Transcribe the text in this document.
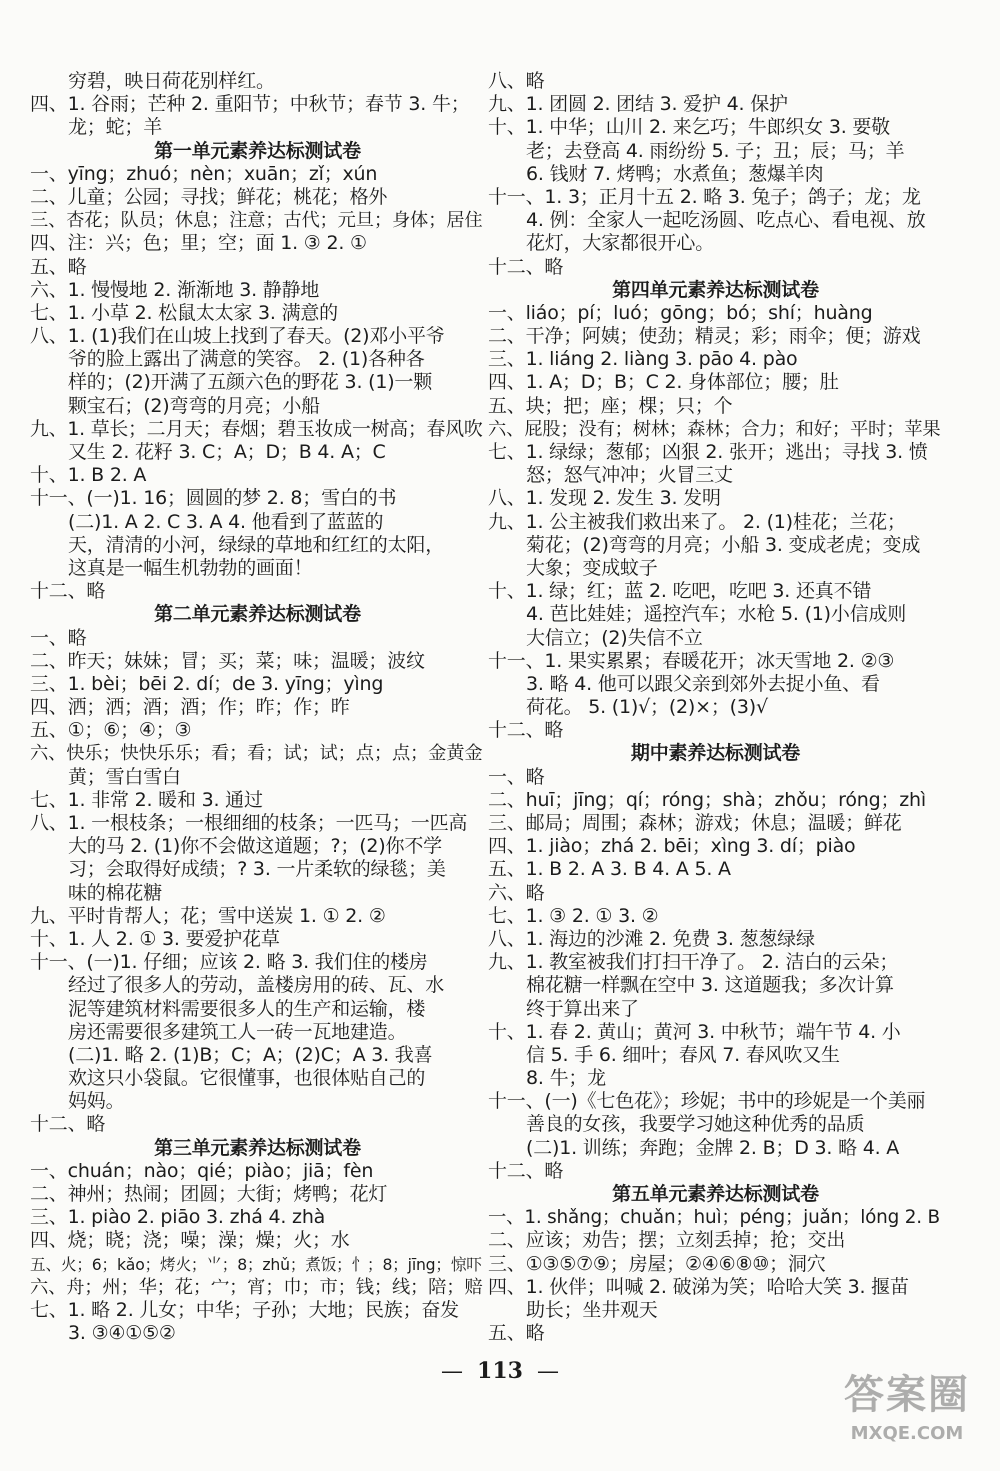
穷碧，映日荷花别样红。
四、1. 谷雨；芒种 2. 重阳节；中秋节；春节 3. 牛；
龙；蛇；羊
第一单元素养达标测试卷
一、yīng；zhuó；nèn；xuān；zǐ；xún
二、儿童；公园；寻找；鲜花；桃花；格外
三、杏花；队员；休息；注意；古代；元旦；身体；居住
四、注：兴；色；里；空；面 1. ③ 2. ①
五、略
六、1. 慢慢地 2. 渐渐地 3. 静静地
七、1. 小草 2. 松鼠太太家 3. 满意的
八、1. (1)我们在山坡上找到了春天。(2)邓小平爷
爷的脸上露出了满意的笑容。 2. (1)各种各
样的；(2)开满了五颜六色的野花 3. (1)一颗
颗宝石；(2)弯弯的月亮；小船
九、1. 草长；二月天；春烟；碧玉妆成一树高；春风吹
又生 2. 花籽 3. C；A；D；B 4. A；C
十、1. B 2. A
十一、(一)1. 16；圆圆的梦 2. 8；雪白的书
(二)1. A 2. C 3. A 4. 他看到了蓝蓝的
天，清清的小河，绿绿的草地和红红的太阳，
这真是一幅生机勃勃的画面！
十二、略
第二单元素养达标测试卷
一、略
二、昨天；妹妹；冒；买；菜；味；温暖；波纹
三、1. bèi；bēi 2. dí；de 3. yīng；yìng
四、洒；洒；酒；酒；作；昨；作；昨
五、①；⑥；④；③
六、快乐；快快乐乐；看；看；试；试；点；点；金黄金
黄；雪白雪白
七、1. 非常 2. 暖和 3. 通过
八、1. 一根枝条；一根细细的枝条；一匹马；一匹高
大的马 2. (1)你不会做这道题；?；(2)你不学
习；会取得好成绩；? 3. 一片柔软的绿毯；美
味的棉花糖
九、平时肯帮人；花；雪中送炭 1. ① 2. ②
十、1. 人 2. ① 3. 要爱护花草
十一、(一)1. 仔细；应该 2. 略 3. 我们住的楼房
经过了很多人的劳动，盖楼房用的砖、瓦、水
泥等建筑材料需要很多人的生产和运输，楼
房还需要很多建筑工人一砖一瓦地建造。
(二)1. 略 2. (1)B；C；A；(2)C；A 3. 我喜
欢这只小袋鼠。它很懂事，也很体贴自己的
妈妈。
十二、略
第三单元素养达标测试卷
一、chuán；nào；qié；piào；jiā；fèn
二、神州；热闹；团圆；大街；烤鸭；花灯
三、1. piào 2. piāo 3. zhá 4. zhà
四、烧；晓；浇；噪；澡；燥；火；水
五、火；6；kǎo；烤火；⺌；8；zhǔ；煮饭；忄；8；jīng；惊吓
六、舟；州；华；花；宀；宵；巾；市；钱；线；陪；赔
七、1. 略 2. 儿女；中华；子孙；大地；民族；奋发
3. ③④①⑤②
八、略
九、1. 团圆 2. 团结 3. 爱护 4. 保护
十、1. 中华；山川 2. 来乞巧；牛郎织女 3. 要敬
老；去登高 4. 雨纷纷 5. 子；丑；辰；马；羊
6. 钱财 7. 烤鸭；水煮鱼；葱爆羊肉
十一、1. 3；正月十五 2. 略 3. 兔子；鸽子；龙；龙
4. 例：全家人一起吃汤圆、吃点心、看电视、放
花灯，大家都很开心。
十二、略
第四单元素养达标测试卷
一、liáo；pí；luó；gōng；bó；shí；huàng
二、干净；阿姨；使劲；精灵；彩；雨伞；便；游戏
三、1. liáng 2. liàng 3. pāo 4. pào
四、1. A；D；B；C 2. 身体部位；腰；肚
五、块；把；座；棵；只；个
六、屁股；没有；树林；森林；合力；和好；平时；苹果
七、1. 绿绿；葱郁；凶狠 2. 张开；逃出；寻找 3. 愤
怒；怒气冲冲；火冒三丈
八、1. 发现 2. 发生 3. 发明
九、1. 公主被我们救出来了。 2. (1)桂花；兰花；
菊花；(2)弯弯的月亮；小船 3. 变成老虎；变成
大象；变成蚊子
十、1. 绿；红；蓝 2. 吃吧，吃吧 3. 还真不错
4. 芭比娃娃；遥控汽车；水枪 5. (1)小信成则
大信立；(2)失信不立
十一、1. 果实累累；春暖花开；冰天雪地 2. ②③
3. 略 4. 他可以跟父亲到郊外去捉小鱼、看
荷花。 5. (1)√；(2)×；(3)√
十二、略
期中素养达标测试卷
一、略
二、huī；jīng；qí；róng；shà；zhǒu；róng；zhì
三、邮局；周围；森林；游戏；休息；温暖；鲜花
四、1. jiào；zhá 2. bēi；xìng 3. dí；piào
五、1. B 2. A 3. B 4. A 5. A
六、略
七、1. ③ 2. ① 3. ②
八、1. 海边的沙滩 2. 免费 3. 葱葱绿绿
九、1. 教室被我们打扫干净了。 2. 洁白的云朵；
棉花糖一样飘在空中 3. 这道题我；多次计算
终于算出来了
十、1. 春 2. 黄山；黄河 3. 中秋节；端午节 4. 小
信 5. 手 6. 细叶；春风 7. 春风吹又生
8. 牛；龙
十一、(一)《七色花》；珍妮；书中的珍妮是一个美丽
善良的女孩，我要学习她这种优秀的品质
(二)1. 训练；奔跑；金牌 2. B；D 3. 略 4. A
十二、略
第五单元素养达标测试卷
一、1. shǎng；chuǎn；huì；péng；juǎn；lóng 2. B
二、应该；劝告；摆；立刻丢掉；抢；交出
三、①③⑤⑦⑨；房屋；②④⑥⑧⑩；洞穴
四、1. 伙伴；叫喊 2. 破涕为笑；哈哈大笑 3. 揠苗
助长；坐井观天
五、略
— 113 —
答案圈
MXQE.COM
